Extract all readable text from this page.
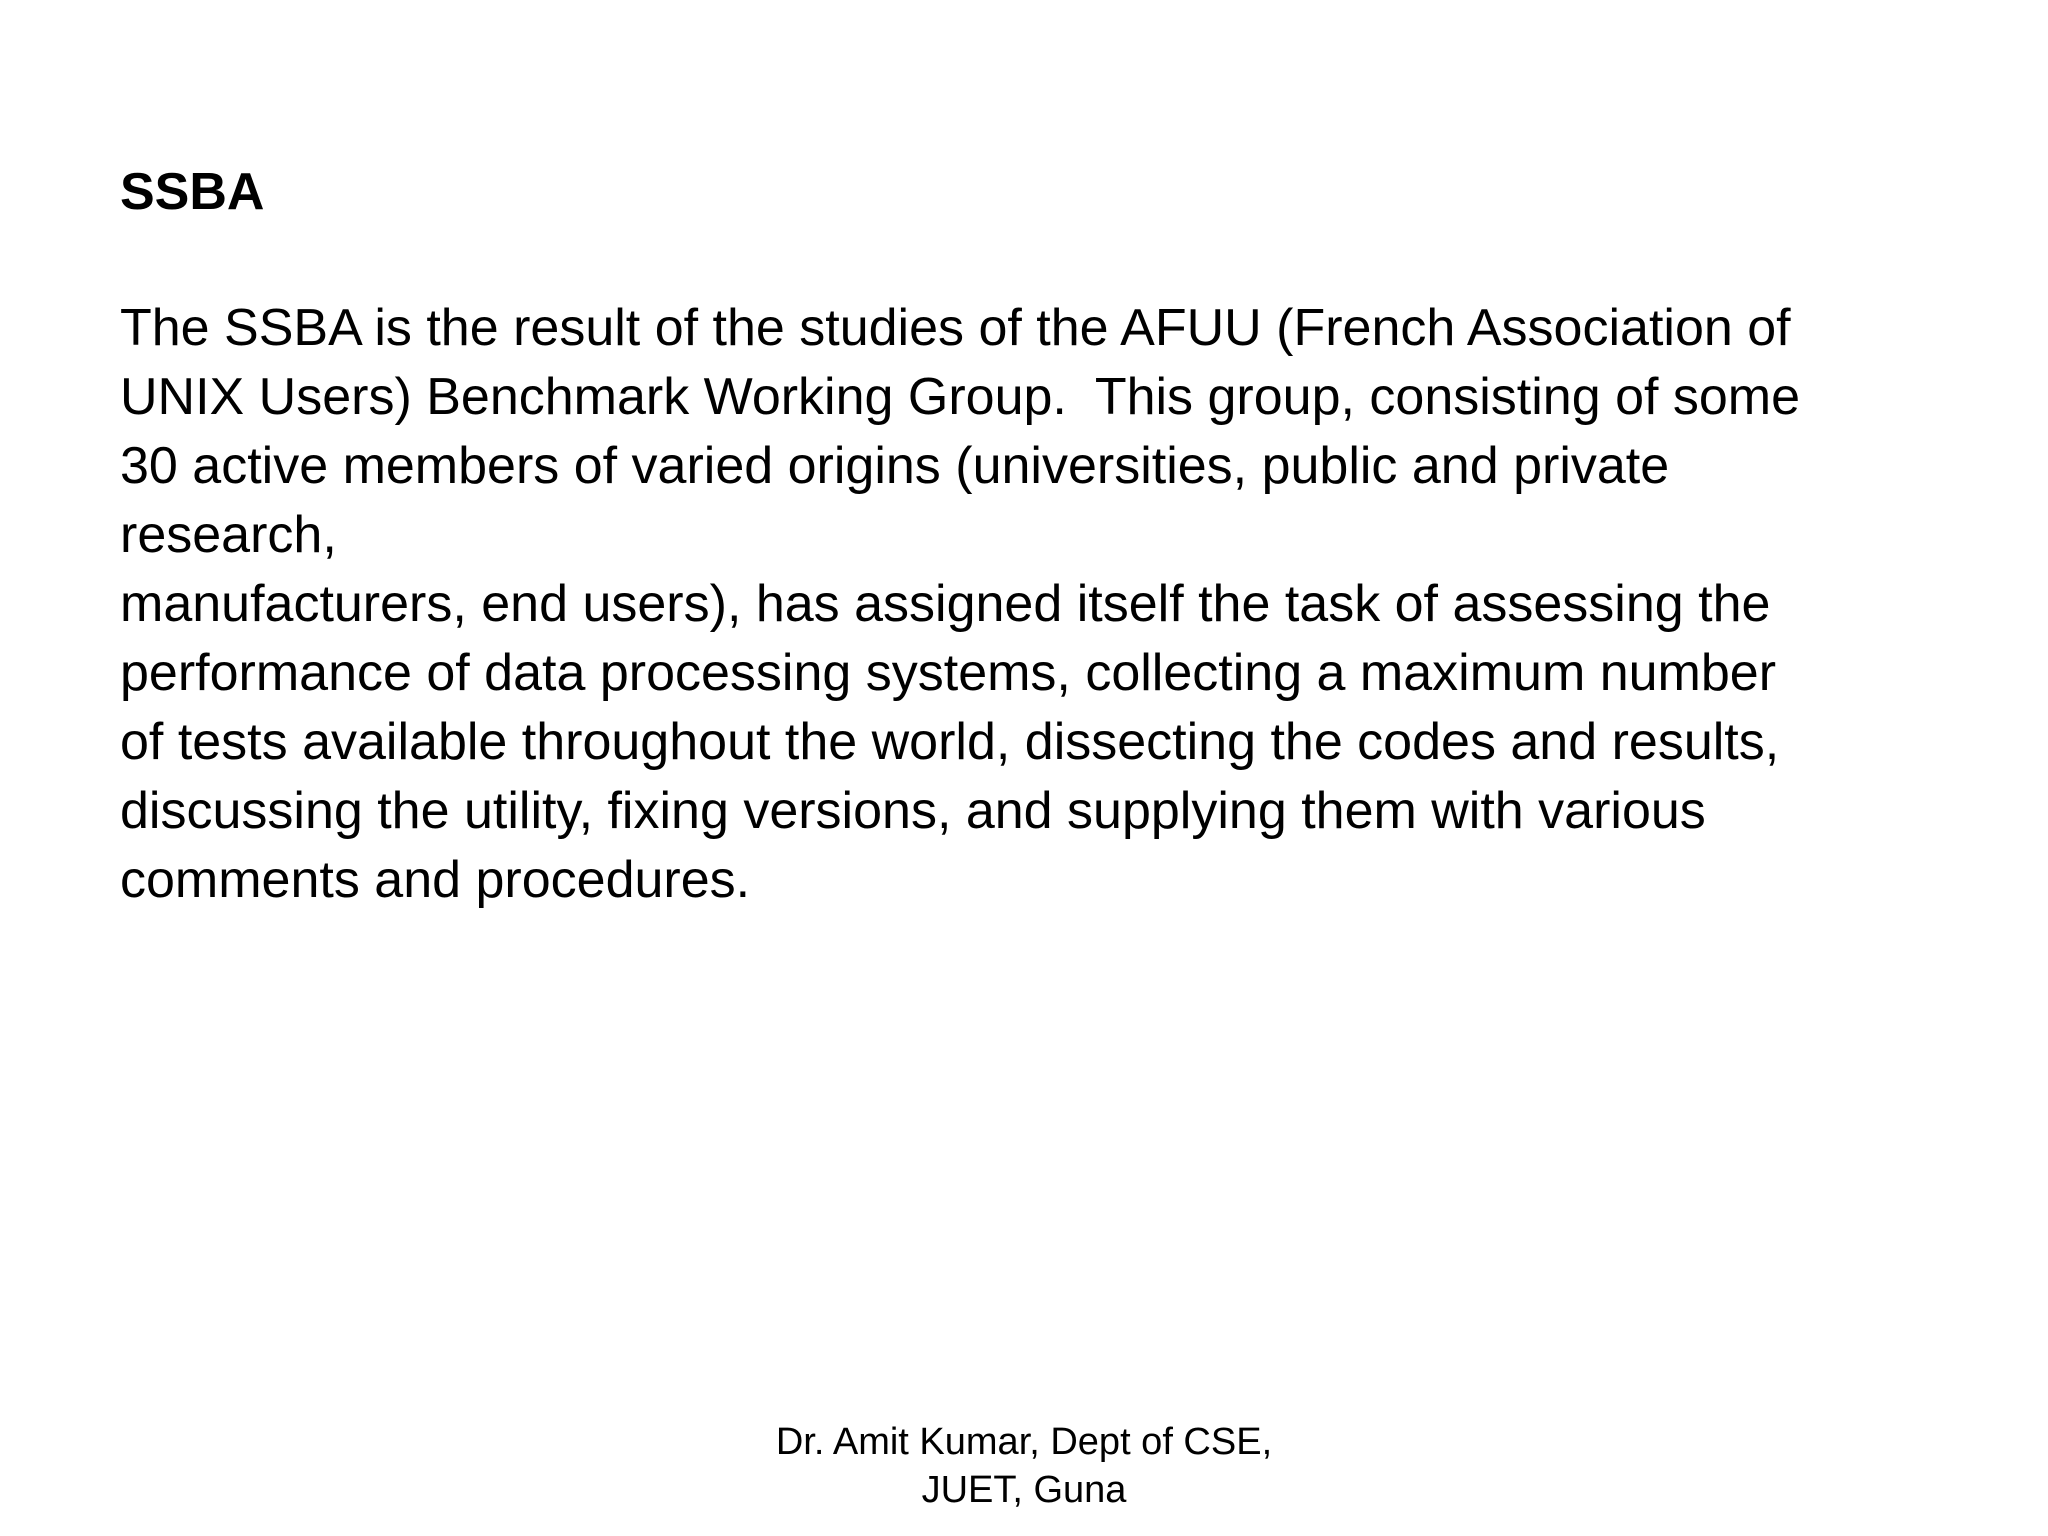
SSBA
The SSBA is the result of the studies of the AFUU (French Association of
UNIX Users) Benchmark Working Group.  This group, consisting of some
30 active members of varied origins (universities, public and private
research,
manufacturers, end users), has assigned itself the task of assessing the
performance of data processing systems, collecting a maximum number
of tests available throughout the world, dissecting the codes and results,
discussing the utility, fixing versions, and supplying them with various
comments and procedures.
Dr. Amit Kumar, Dept of CSE,
JUET, Guna
